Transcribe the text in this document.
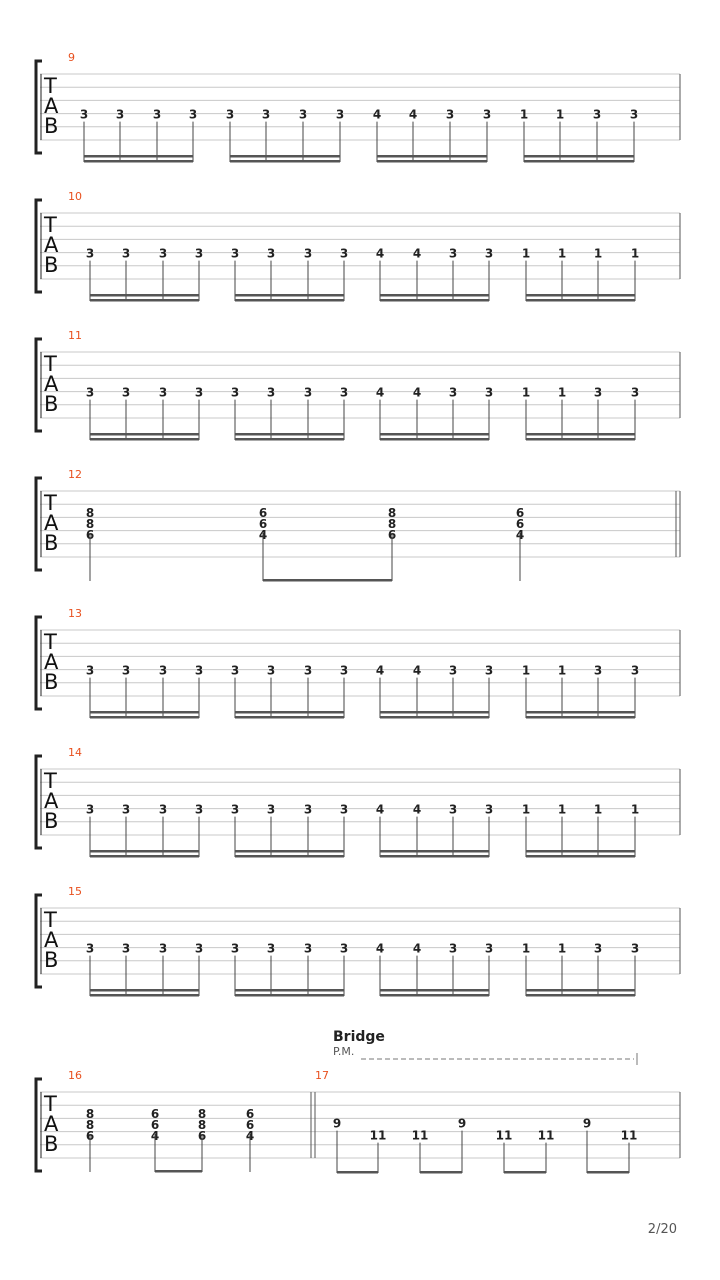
T
A
B
9
3 3 3 3 3 3 3 3 4 4 3 3 1 1 3 3
T
A
B
10
3 3 3 3 3 3 3 3 4 4 3 3 1 1 1 1
T
A
B
11
3 3 3 3 3 3 3 3 4 4 3 3 1 1 3 3
T
A
B
12
8
8
6
6
6
4
8
8
6
6
6
4
T
A
B
13
3 3 3 3 3 3 3 3 4 4 3 3 1 1 3 3
T
A
B
14
3 3 3 3 3 3 3 3 4 4 3 3 1 1 1 1
T
A
B
15
3 3 3 3 3 3 3 3 4 4 3 3 1 1 3 3
T
A
B
16
8
8
6
6
6
4
8
8
6
6
6
4
17
9
11 11
9
11 11
9
11
Bridge
P.M.
2/20
